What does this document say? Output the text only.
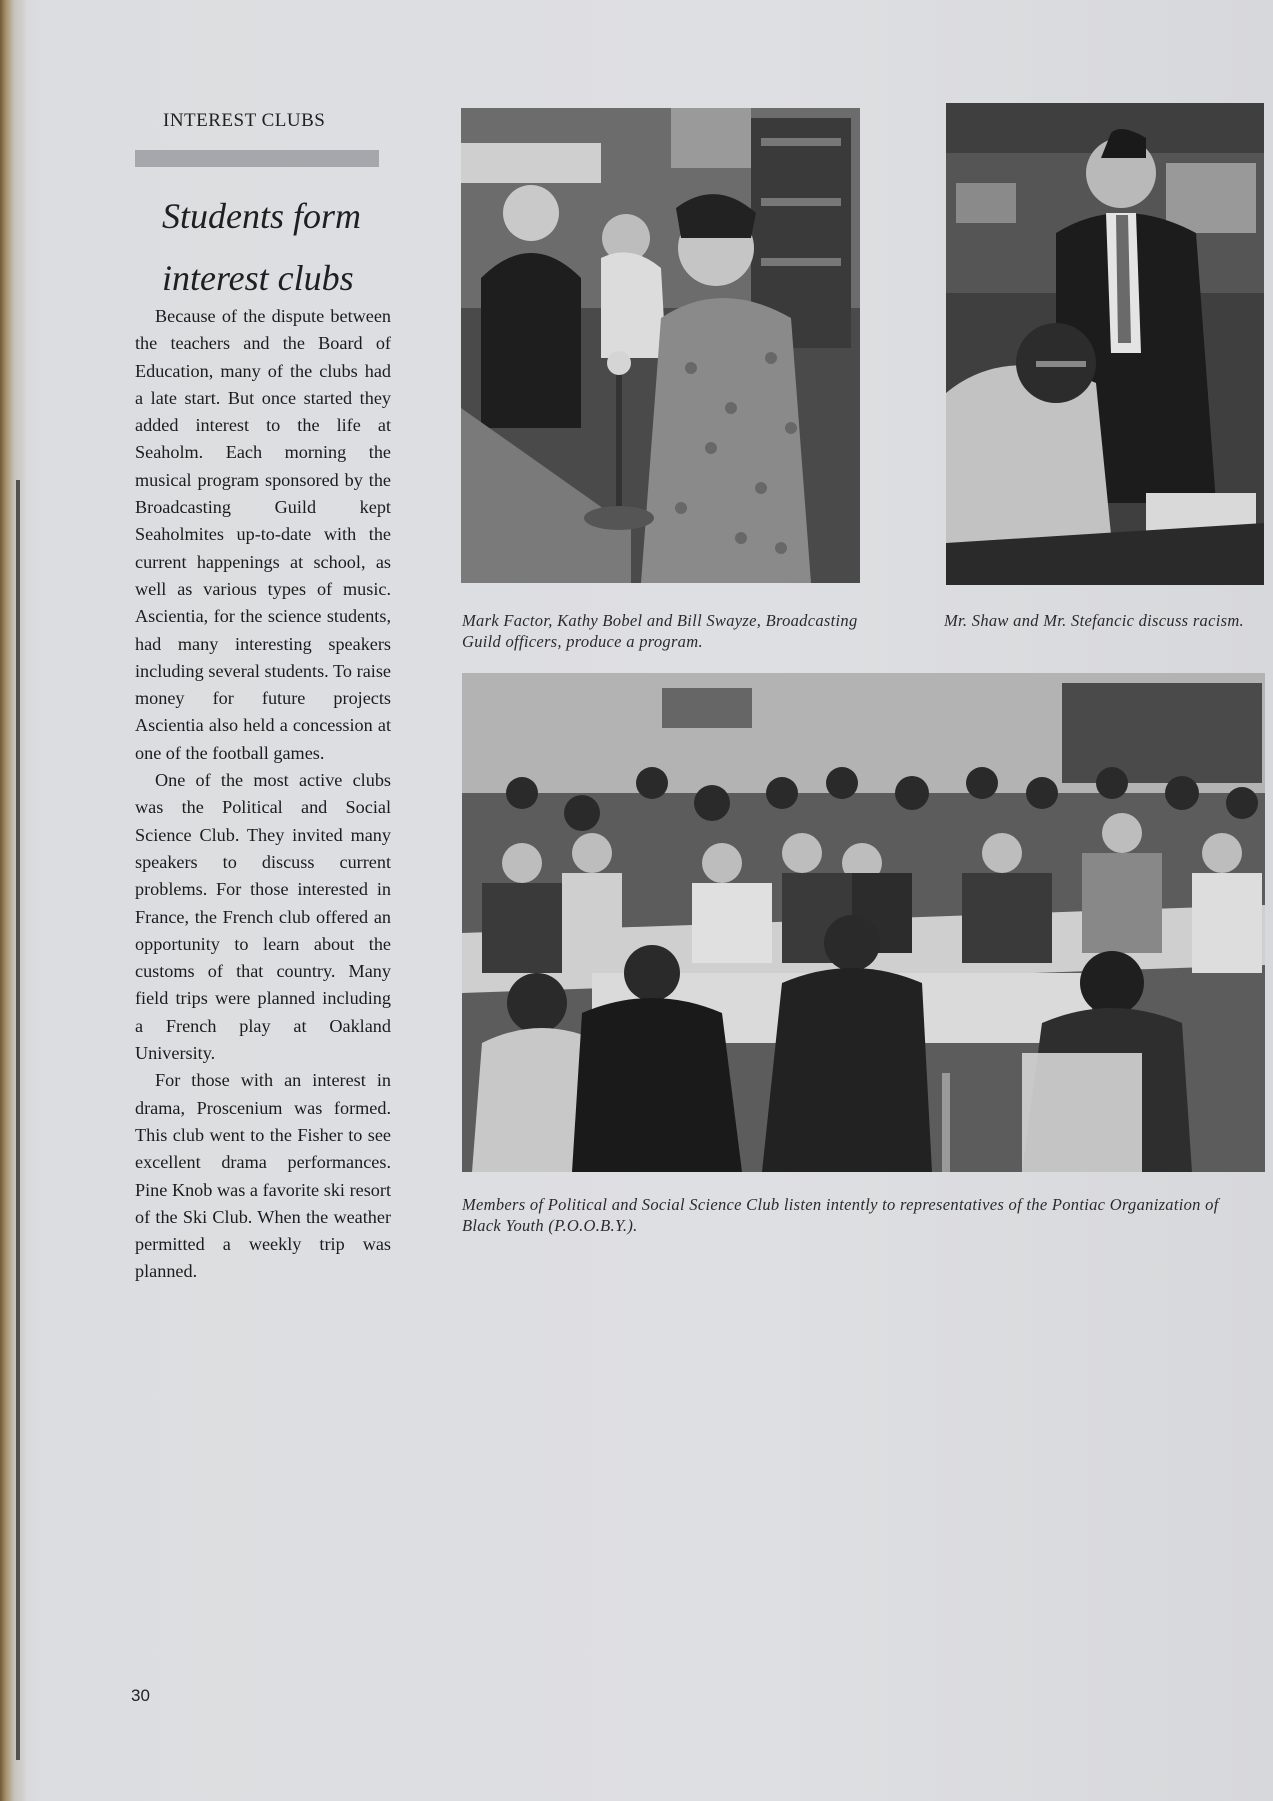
INTEREST CLUBS
Students form
interest clubs

Because of the dispute between the teachers and the Board of Education, many of the clubs had a late start. But once started they added interest to the life at Seaholm. Each morning the musical program sponsored by the Broadcasting Guild kept Seaholmites up-to-date with the current happenings at school, as well as various types of music. Ascientia, for the science students, had many interesting speakers including several students. To raise money for future projects Ascientia also held a concession at one of the football games.

One of the most active clubs was the Political and Social Science Club. They invited many speakers to discuss current problems. For those interested in France, the French club offered an opportunity to learn about the customs of that country. Many field trips were planned including a French play at Oakland University.

For those with an interest in drama, Proscenium was formed. This club went to the Fisher to see excellent drama performances. Pine Knob was a favorite ski resort of the Ski Club. When the weather permitted a weekly trip was planned.

Mark Factor, Kathy Bobel and Bill Swayze, Broadcasting Guild officers, produce a program.
Mr. Shaw and Mr. Stefancic discuss racism.
Members of Political and Social Science Club listen intently to representatives of the Pontiac Organization of Black Youth (P.O.O.B.Y.).
30
